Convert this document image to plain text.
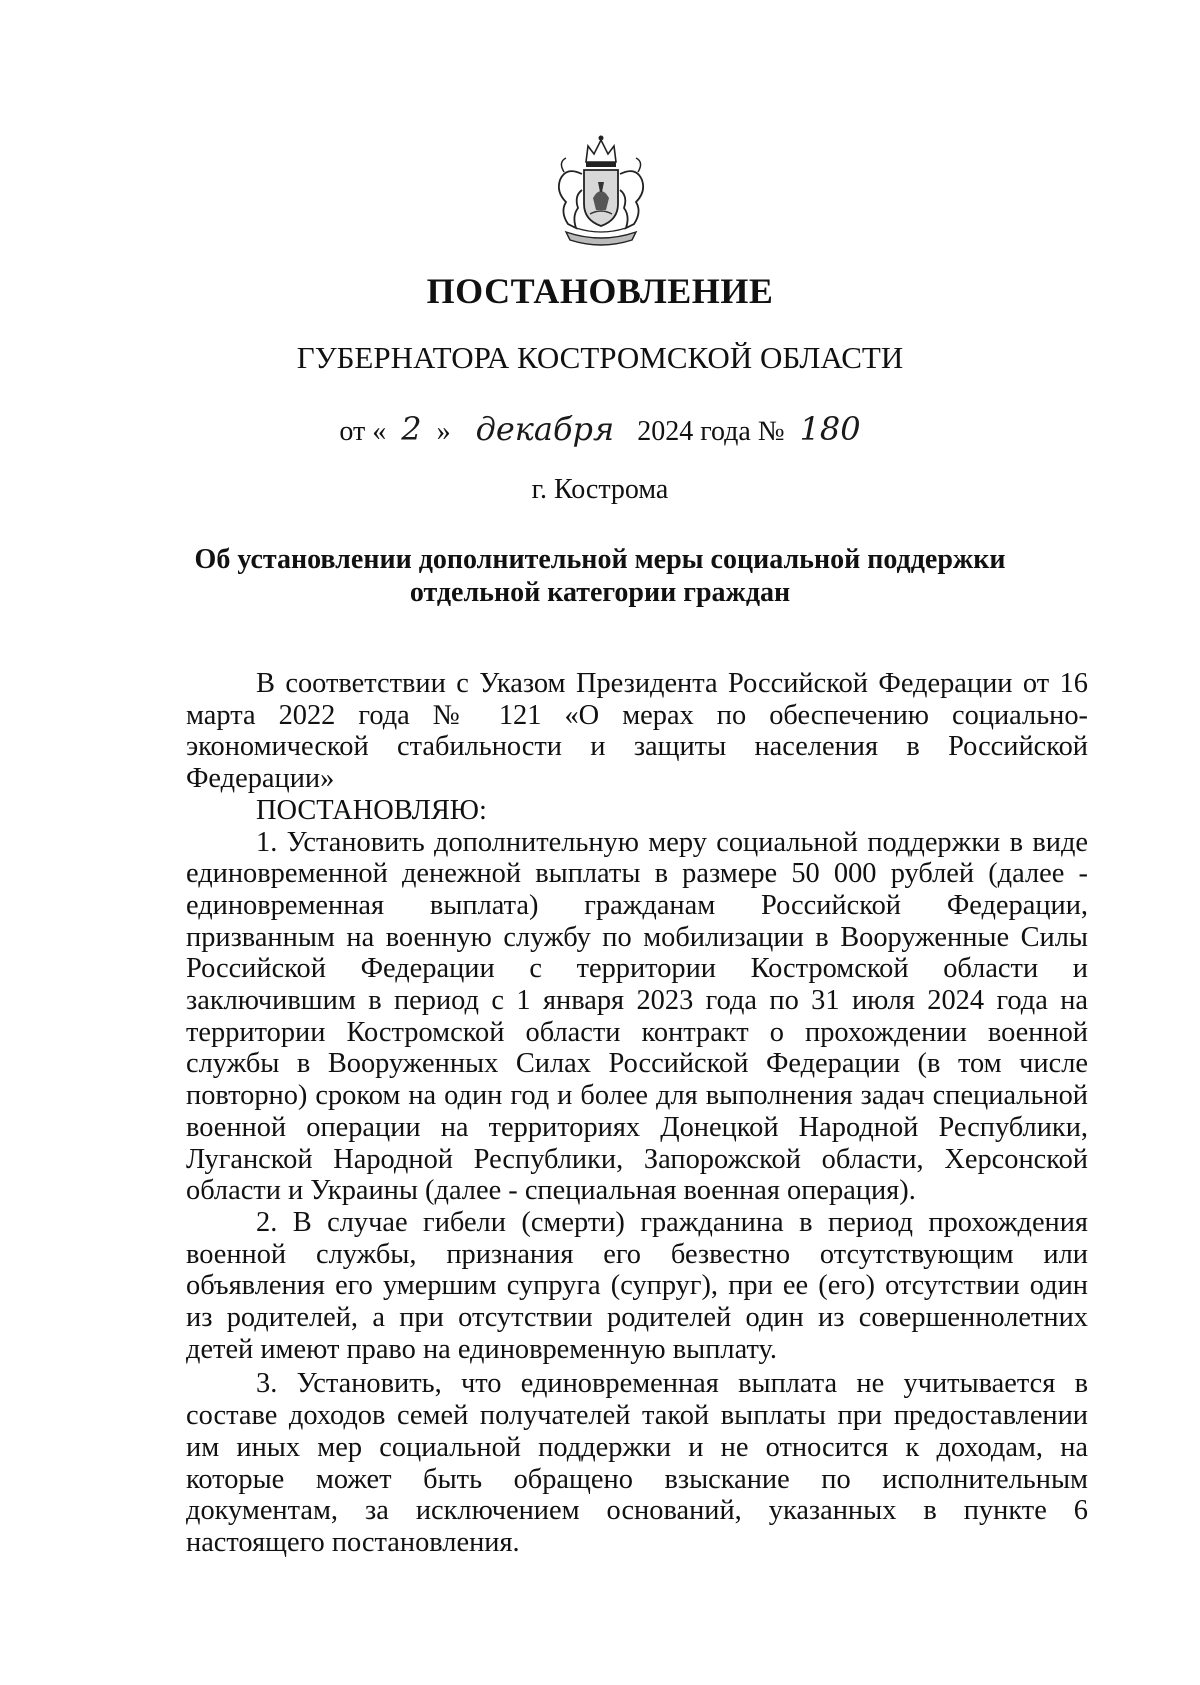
ПОСТАНОВЛЕНИЕ
ГУБЕРНАТОРА КОСТРОМСКОЙ ОБЛАСТИ
от « 2 » декабря 2024 года № 180
г. Кострома
Об установлении дополнительной меры социальной поддержки
отдельной категории граждан

В соответствии с Указом Президента Российской Федерации от 16 марта 2022 года № 121 «О мерах по обеспечению социально-экономической стабильности и защиты населения в Российской Федерации»

ПОСТАНОВЛЯЮ:

1. Установить дополнительную меру социальной поддержки в виде единовременной денежной выплаты в размере 50 000 рублей (далее - единовременная выплата) гражданам Российской Федерации, призванным на военную службу по мобилизации в Вооруженные Силы Российской Федерации с территории Костромской области и заключившим в период с 1 января 2023 года по 31 июля 2024 года на территории Костромской области контракт о прохождении военной службы в Вооруженных Силах Российской Федерации (в том числе повторно) сроком на один год и более для выполнения задач специальной военной операции на территориях Донецкой Народной Республики, Луганской Народной Республики, Запорожской области, Херсонской области и Украины (далее - специальная военная операция).

2. В случае гибели (смерти) гражданина в период прохождения военной службы, признания его безвестно отсутствующим или объявления его умершим супруга (супруг), при ее (его) отсутствии один из родителей, а при отсутствии родителей один из совершеннолетних детей имеют право на единовременную выплату.

3. Установить, что единовременная выплата не учитывается в составе доходов семей получателей такой выплаты при предоставлении им иных мер социальной поддержки и не относится к доходам, на которые может быть обращено взыскание по исполнительным документам, за исключением оснований, указанных в пункте 6 настоящего постановления.
